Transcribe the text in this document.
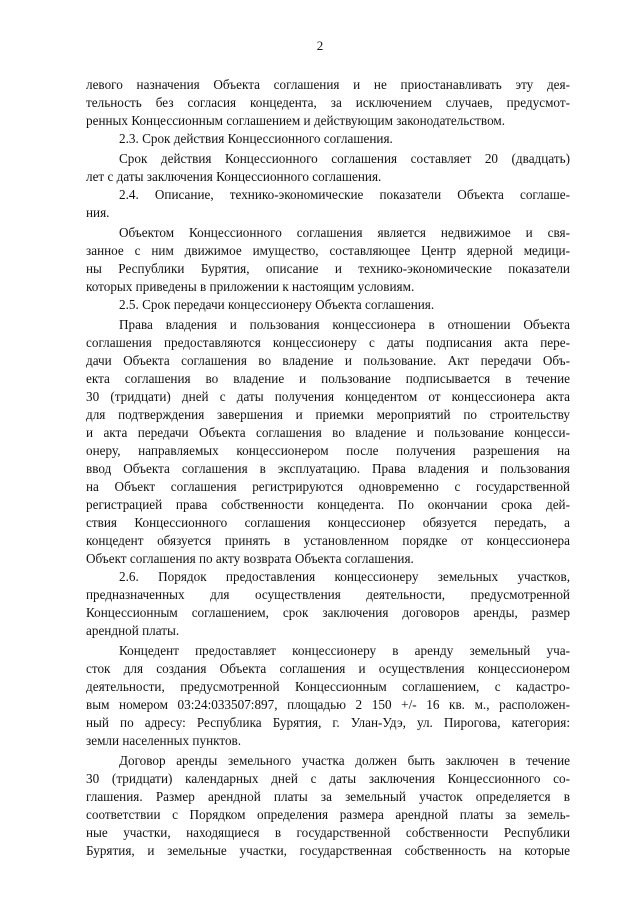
2
левого назначения Объекта соглашения и не приостанавливать эту дея-
тельность без согласия концедента, за исключением случаев, предусмот-
ренных Концессионным соглашением и действующим законодательством.
2.3. Срок действия Концессионного соглашения.
Срок действия Концессионного соглашения составляет 20 (двадцать)
лет с даты заключения Концессионного соглашения.
2.4. Описание, технико-экономические показатели Объекта соглаше-
ния.
Объектом Концессионного соглашения является недвижимое и свя-
занное с ним движимое имущество, составляющее Центр ядерной медици-
ны Республики Бурятия, описание и технико-экономические показатели
которых приведены в приложении к настоящим условиям.
2.5. Срок передачи концессионеру Объекта соглашения.
Права владения и пользования концессионера в отношении Объекта
соглашения предоставляются концессионеру с даты подписания акта пере-
дачи Объекта соглашения во владение и пользование. Акт передачи Объ-
екта соглашения во владение и пользование подписывается в течение
30 (тридцати) дней с даты получения концедентом от концессионера акта
для подтверждения завершения и приемки мероприятий по строительству
и акта передачи Объекта соглашения во владение и пользование концесси-
онеру, направляемых концессионером после получения разрешения на
ввод Объекта соглашения в эксплуатацию. Права владения и пользования
на Объект соглашения регистрируются одновременно с государственной
регистрацией права собственности концедента. По окончании срока дей-
ствия Концессионного соглашения концессионер обязуется передать, а
концедент обязуется принять в установленном порядке от концессионера
Объект соглашения по акту возврата Объекта соглашения.
2.6. Порядок предоставления концессионеру земельных участков,
предназначенных для осуществления деятельности, предусмотренной
Концессионным соглашением, срок заключения договоров аренды, размер
арендной платы.
Концедент предоставляет концессионеру в аренду земельный уча-
сток для создания Объекта соглашения и осуществления концессионером
деятельности, предусмотренной Концессионным соглашением, с кадастро-
вым номером 03:24:033507:897, площадью 2 150 +/- 16 кв. м., расположен-
ный по адресу: Республика Бурятия, г. Улан-Удэ, ул. Пирогова, категория:
земли населенных пунктов.
Договор аренды земельного участка должен быть заключен в течение
30 (тридцати) календарных дней с даты заключения Концессионного со-
глашения. Размер арендной платы за земельный участок определяется в
соответствии с Порядком определения размера арендной платы за земель-
ные участки, находящиеся в государственной собственности Республики
Бурятия, и земельные участки, государственная собственность на которые
